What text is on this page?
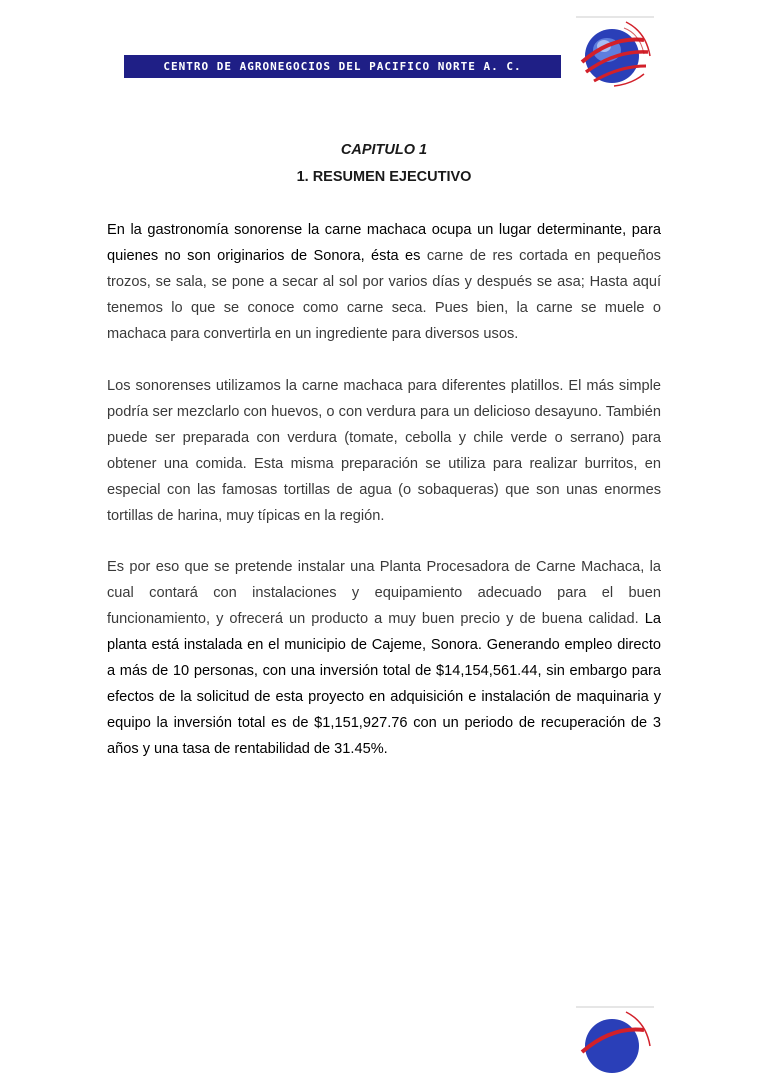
CENTRO DE AGRONEGOCIOS DEL PACIFICO NORTE A. C.
CAPITULO 1
1. RESUMEN EJECUTIVO

En la gastronomía sonorense la carne machaca ocupa un lugar determinante, para quienes no son originarios de Sonora, ésta es carne de res cortada en pequeños trozos, se sala, se pone a secar al sol por varios días y después se asa; Hasta aquí tenemos lo que se conoce como carne seca. Pues bien, la carne se muele o machaca para convertirla en un ingrediente para diversos usos.

Los sonorenses utilizamos la carne machaca para diferentes platillos. El más simple podría ser mezclarlo con huevos, o con verdura para un delicioso desayuno. También puede ser preparada con verdura (tomate, cebolla y chile verde o serrano) para obtener una comida. Esta misma preparación se utiliza para realizar burritos, en especial con las famosas tortillas de agua (o sobaqueras) que son unas enormes tortillas de harina, muy típicas en la región.

Es por eso que se pretende instalar una Planta Procesadora de Carne Machaca, la cual contará con instalaciones y equipamiento adecuado para el buen funcionamiento, y ofrecerá un producto a muy buen precio y de buena calidad. La planta está instalada en el municipio de Cajeme, Sonora. Generando empleo directo a más de 10 personas, con una inversión total de $14,154,561.44, sin embargo para efectos de la solicitud de esta proyecto en adquisición e instalación de maquinaria y equipo la inversión total es de $1,151,927.76 con un periodo de recuperación de 3 años y una tasa de rentabilidad de 31.45%.
